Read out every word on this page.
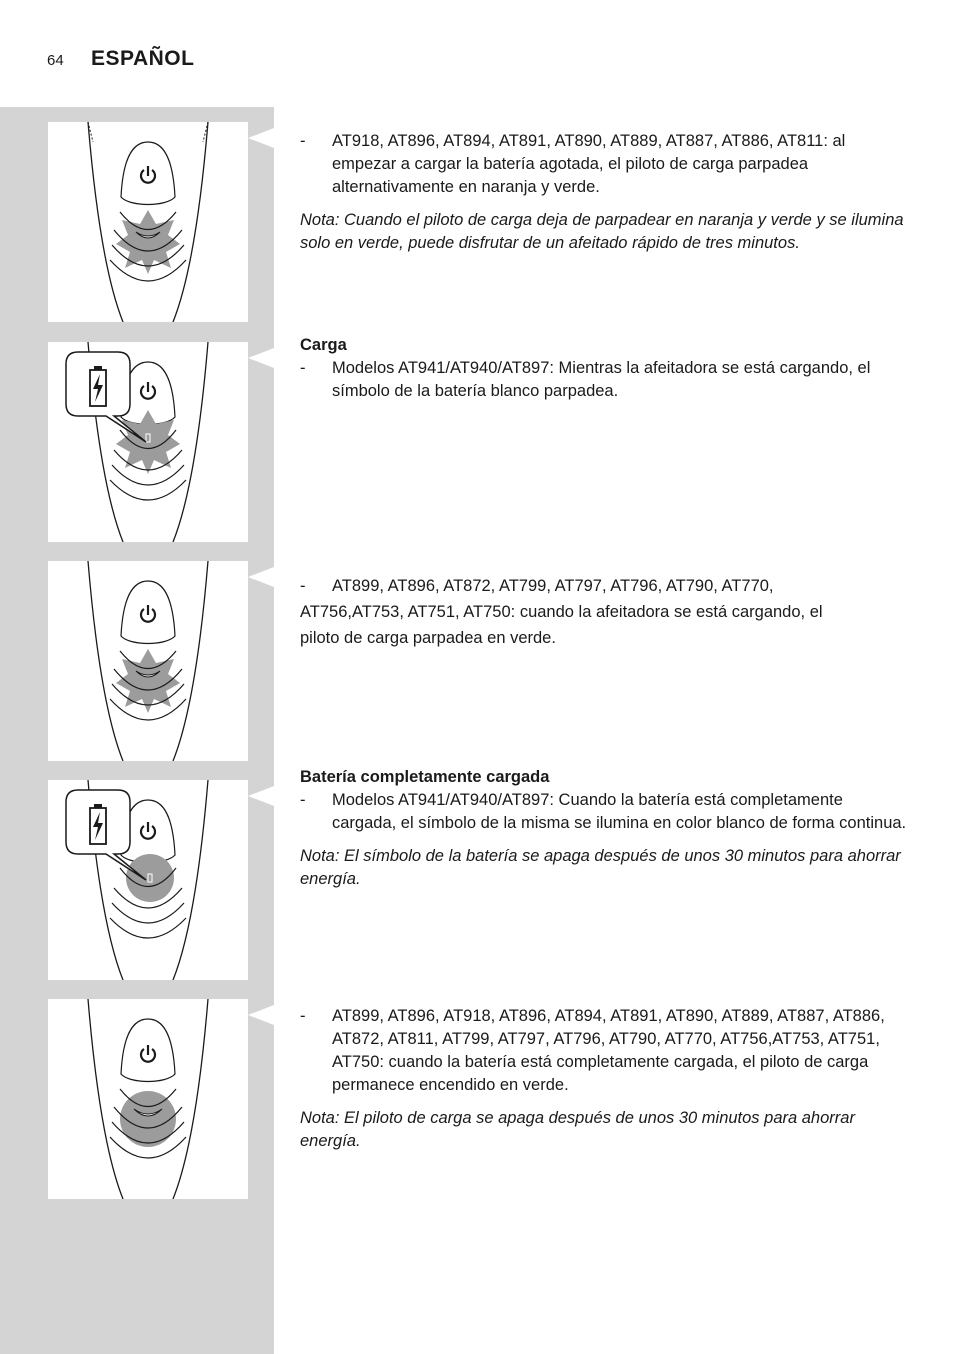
64 ESPAÑOL
- AT918, AT896, AT894, AT891, AT890, AT889, AT887, AT886, AT811: al empezar a cargar la batería agotada, el piloto de carga parpadea alternativamente en naranja y verde.
Nota: Cuando el piloto de carga deja de parpadear en naranja y verde y se ilumina solo en verde, puede disfrutar de un afeitado rápido de tres minutos.
Carga
- Modelos AT941/AT940/AT897: Mientras la afeitadora se está cargando, el símbolo de la batería blanco parpadea.
- AT899, AT896, AT872, AT799, AT797, AT796, AT790, AT770,
AT756,AT753, AT751, AT750: cuando la afeitadora se está cargando, el piloto de carga parpadea en verde.
Batería completamente cargada
- Modelos AT941/AT940/AT897: Cuando la batería está completamente cargada, el símbolo de la misma se ilumina en color blanco de forma continua.
Nota: El símbolo de la batería se apaga después de unos 30 minutos para ahorrar energía.
- AT899, AT896, AT918, AT896, AT894, AT891, AT890, AT889, AT887, AT886, AT872, AT811, AT799, AT797, AT796, AT790, AT770, AT756,AT753, AT751, AT750: cuando la batería está completamente cargada, el piloto de carga permanece encendido en verde.
Nota: El piloto de carga se apaga después de unos 30 minutos para ahorrar energía.
